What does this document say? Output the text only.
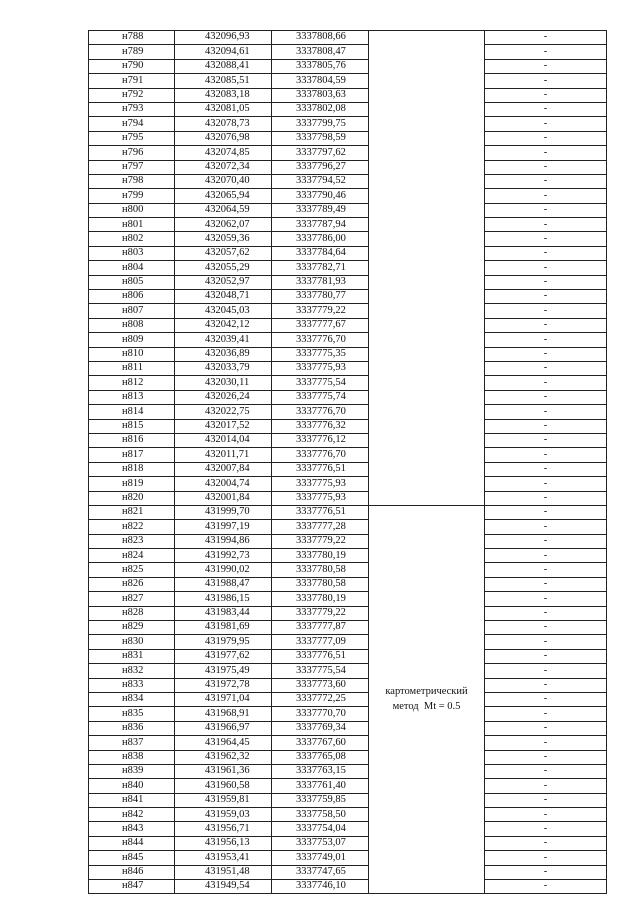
н788	432096,93	3337808,66		-
н789	432094,61	3337808,47		-
н790	432088,41	3337805,76		-
н791	432085,51	3337804,59		-
н792	432083,18	3337803,63		-
н793	432081,05	3337802,08		-
н794	432078,73	3337799,75		-
н795	432076,98	3337798,59		-
н796	432074,85	3337797,62		-
н797	432072,34	3337796,27		-
н798	432070,40	3337794,52		-
н799	432065,94	3337790,46		-
н800	432064,59	3337789,49		-
н801	432062,07	3337787,94		-
н802	432059,36	3337786,00		-
н803	432057,62	3337784,64		-
н804	432055,29	3337782,71		-
н805	432052,97	3337781,93		-
н806	432048,71	3337780,77		-
н807	432045,03	3337779,22		-
н808	432042,12	3337777,67		-
н809	432039,41	3337776,70		-
н810	432036,89	3337775,35		-
н811	432033,79	3337775,93		-
н812	432030,11	3337775,54		-
н813	432026,24	3337775,74		-
н814	432022,75	3337776,70		-
н815	432017,52	3337776,32		-
н816	432014,04	3337776,12		-
н817	432011,71	3337776,70		-
н818	432007,84	3337776,51		-
н819	432004,74	3337775,93		-
н820	432001,84	3337775,93		-
н821	431999,70	3337776,51	картометрический
метод  Mt = 0.5	-
н822	431997,19	3337777,28		-
н823	431994,86	3337779,22		-
н824	431992,73	3337780,19		-
н825	431990,02	3337780,58		-
н826	431988,47	3337780,58		-
н827	431986,15	3337780,19		-
н828	431983,44	3337779,22		-
н829	431981,69	3337777,87		-
н830	431979,95	3337777,09		-
н831	431977,62	3337776,51		-
н832	431975,49	3337775,54		-
н833	431972,78	3337773,60		-
н834	431971,04	3337772,25		-
н835	431968,91	3337770,70		-
н836	431966,97	3337769,34		-
н837	431964,45	3337767,60		-
н838	431962,32	3337765,08		-
н839	431961,36	3337763,15		-
н840	431960,58	3337761,40		-
н841	431959,81	3337759,85		-
н842	431959,03	3337758,50		-
н843	431956,71	3337754,04		-
н844	431956,13	3337753,07		-
н845	431953,41	3337749,01		-
н846	431951,48	3337747,65		-
н847	431949,54	3337746,10		-
